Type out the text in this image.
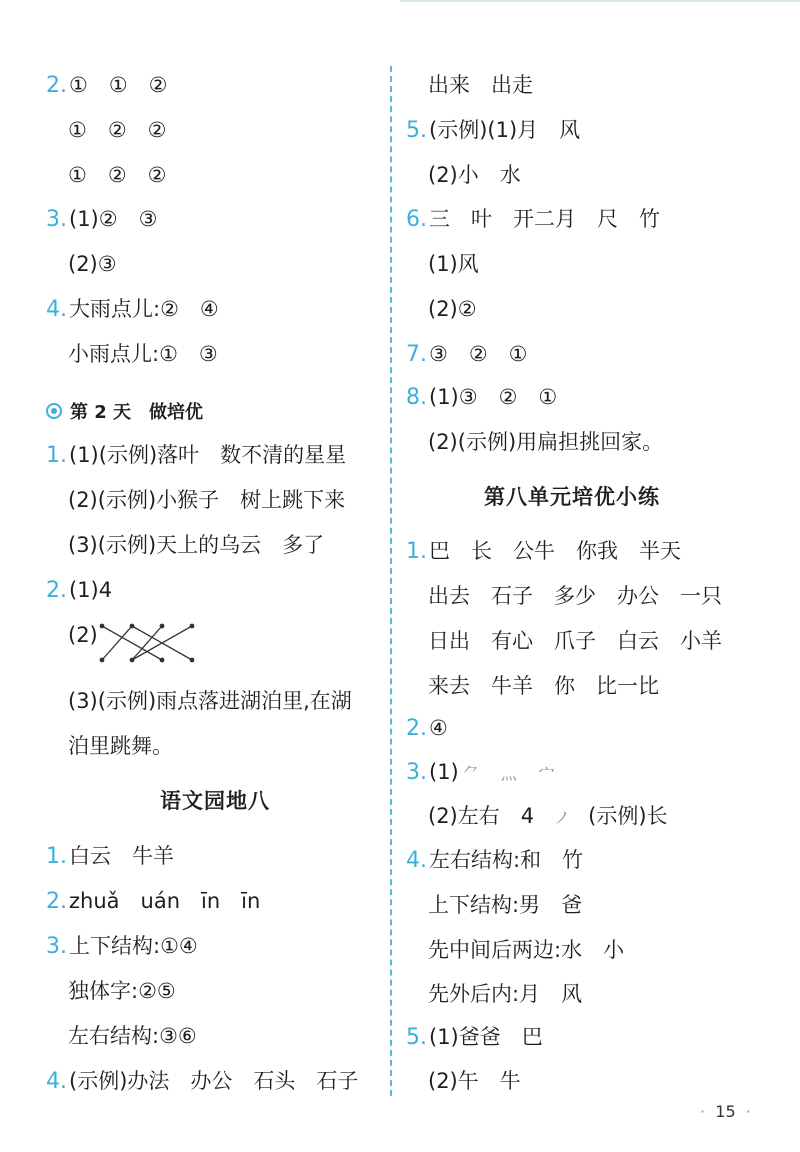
2.①　①　②
①　②　②
①　②　②
3.(1)②　③
(2)③
4.大雨点儿:②　④
小雨点儿:①　③
第 2 天　做培优
1.(1)(示例)落叶　数不清的星星
(2)(示例)小猴子　树上跳下来
(3)(示例)天上的乌云　多了
2.(1)4
(2)
(3)(示例)雨点落进湖泊里,在湖
泊里跳舞。
语文园地八
1.白云　牛羊
2.zhuǎ　uán　īn　īn
3.上下结构:①④
独体字:②⑤
左右结构:③⑥
4.(示例)办法　办公　石头　石子
出来　出走
5.(示例)(1)月　风
(2)小　水
6.三　叶　开二月　尺　竹
(1)风
(2)②
7.③　②　①
8.(1)③　②　①
(2)(示例)用扁担挑回家。
第八单元培优小练
1.巴　长　公牛　你我　半天
出去　石子　多少　办公　一只
日出　有心　爪子　白云　小羊
来去　牛羊　你　比一比
2.④
3.(1) ⺈ 灬 宀
(2)左右　4 ノ (示例)长
4.左右结构:和　竹
上下结构:男　爸
先中间后两边:水　小
先外后内:月　风
5.(1)爸爸　巴
(2)午　牛
· 15 ·
